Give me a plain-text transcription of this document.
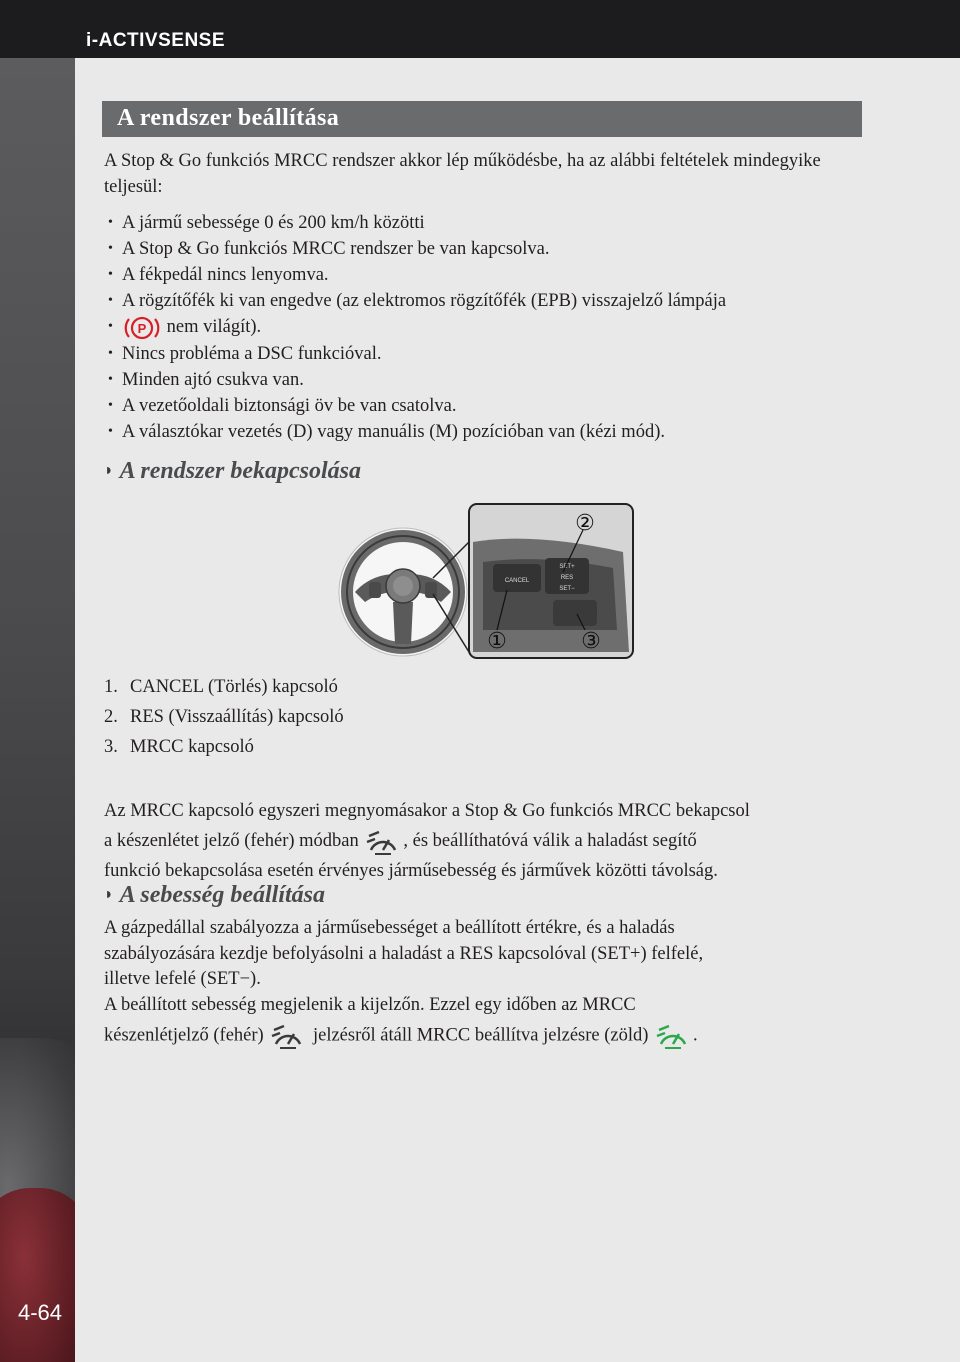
i-ACTIVSENSE
4-64
A rendszer beállítása
A Stop & Go funkciós MRCC rendszer akkor lép működésbe, ha az alábbi feltételek mindegyike teljesül:
• A jármű sebessége 0 és 200 km/h közötti
• A Stop & Go funkciós MRCC rendszer be van kapcsolva.
• A fékpedál nincs lenyomva.
• A rögzítőfék ki van engedve (az elektromos rögzítőfék (EPB) visszajelző lámpája
• P nem világít).
• Nincs probléma a DSC funkcióval.
• Minden ajtó csukva van.
• A vezetőoldali biztonsági öv be van csatolva.
• A választókar vezetés (D) vagy manuális (M) pozícióban van (kézi mód).
◗ A rendszer bekapcsolása
CANCEL
SET+
RES
SET−
①
②
③
1. CANCEL (Törlés) kapcsoló
2. RES (Visszaállítás) kapcsoló
3. MRCC kapcsoló
Az MRCC kapcsoló egyszeri megnyomásakor a Stop & Go funkciós MRCC bekapcsol
a készenlétet jelző (fehér) módban , és beállíthatóvá válik a haladást segítő
funkció bekapcsolása esetén érvényes járműsebesség és járművek közötti távolság.
◗ A sebesség beállítása
A gázpedállal szabályozza a járműsebességet a beállított értékre, és a haladás
szabályozására kezdje befolyásolni a haladást a RES kapcsolóval (SET+) felfelé,
illetve lefelé (SET−).
A beállított sebesség megjelenik a kijelzőn. Ezzel egy időben az MRCC
készenlétjelző (fehér)	jelzésről átáll MRCC beállítva jelzésre (zöld) .
